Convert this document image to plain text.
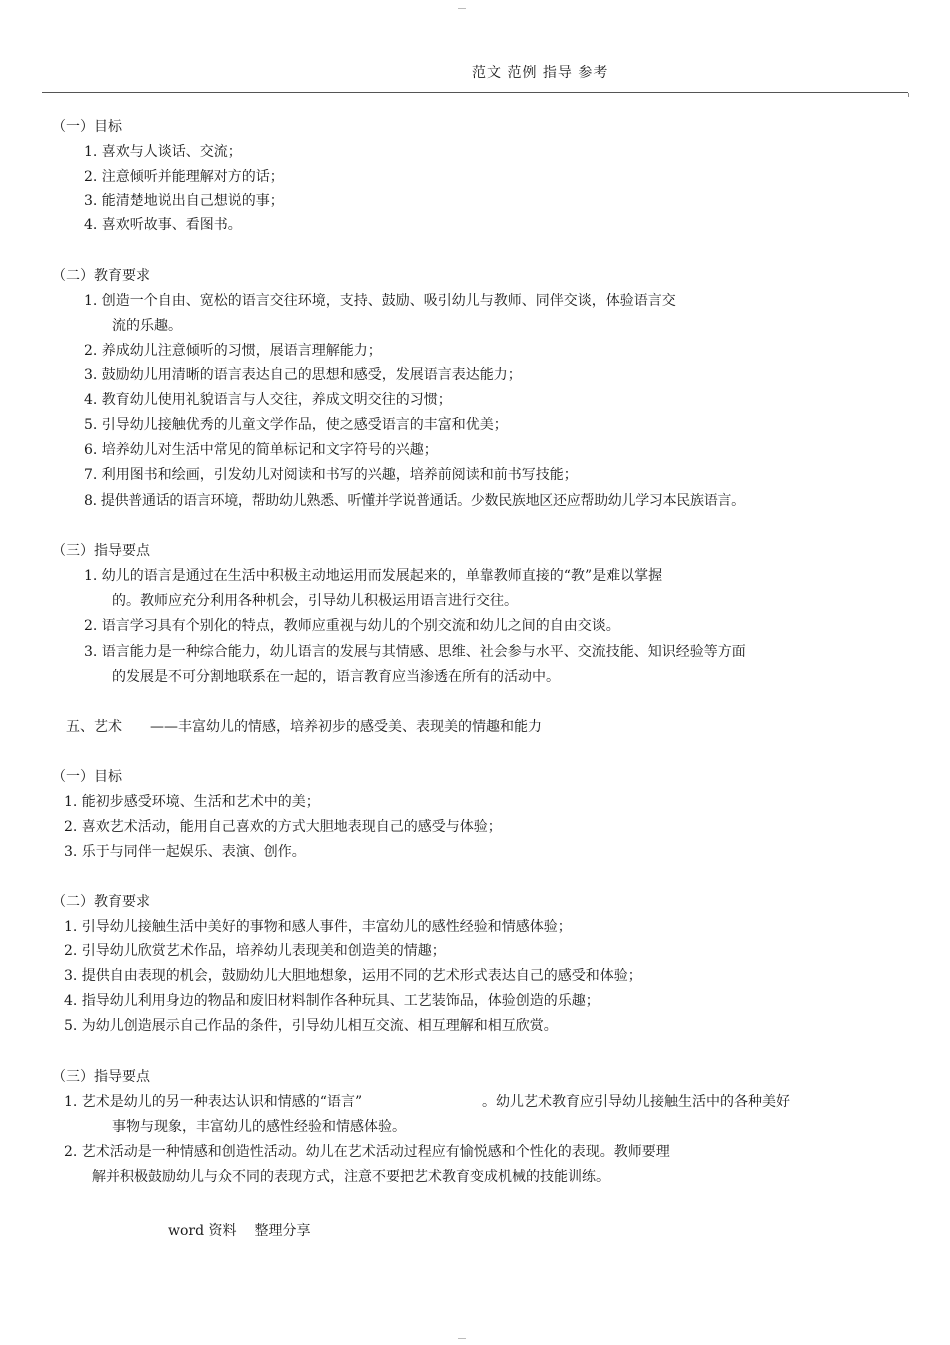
范文 范例 指导 参考
（一）目标
1. 喜欢与人谈话、交流；
2. 注意倾听并能理解对方的话；
3. 能清楚地说出自己想说的事；
4. 喜欢听故事、看图书。
（二）教育要求
1. 创造一个自由、宽松的语言交往环境，支持、鼓励、吸引幼儿与教师、同伴交谈，体验语言交
流的乐趣。
2. 养成幼儿注意倾听的习惯，展语言理解能力；
3. 鼓励幼儿用清晰的语言表达自己的思想和感受，发展语言表达能力；
4. 教育幼儿使用礼貌语言与人交往，养成文明交往的习惯；
5. 引导幼儿接触优秀的儿童文学作品，使之感受语言的丰富和优美；
6. 培养幼儿对生活中常见的简单标记和文字符号的兴趣；
7. 利用图书和绘画，引发幼儿对阅读和书写的兴趣，培养前阅读和前书写技能；
8. 提供普通话的语言环境，帮助幼儿熟悉、听懂并学说普通话。少数民族地区还应帮助幼儿学习本民族语言。
（三）指导要点
1. 幼儿的语言是通过在生活中积极主动地运用而发展起来的，单靠教师直接的“教”是难以掌握
的。教师应充分利用各种机会，引导幼儿积极运用语言进行交往。
2. 语言学习具有个别化的特点，教师应重视与幼儿的个别交流和幼儿之间的自由交谈。
3. 语言能力是一种综合能力，幼儿语言的发展与其情感、思维、社会参与水平、交流技能、知识经验等方面
的发展是不可分割地联系在一起的，语言教育应当渗透在所有的活动中。
五、艺术 ——丰富幼儿的情感，培养初步的感受美、表现美的情趣和能力
（一）目标
1. 能初步感受环境、生活和艺术中的美；
2. 喜欢艺术活动，能用自己喜欢的方式大胆地表现自己的感受与体验；
3. 乐于与同伴一起娱乐、表演、创作。
（二）教育要求
1. 引导幼儿接触生活中美好的事物和感人事件，丰富幼儿的感性经验和情感体验；
2. 引导幼儿欣赏艺术作品，培养幼儿表现美和创造美的情趣；
3. 提供自由表现的机会，鼓励幼儿大胆地想象，运用不同的艺术形式表达自己的感受和体验；
4. 指导幼儿利用身边的物品和废旧材料制作各种玩具、工艺装饰品，体验创造的乐趣；
5. 为幼儿创造展示自己作品的条件，引导幼儿相互交流、相互理解和相互欣赏。
（三）指导要点
1. 艺术是幼儿的另一种表达认识和情感的“语言”	。幼儿艺术教育应引导幼儿接触生活中的各种美好
事物与现象，丰富幼儿的感性经验和情感体验。
2. 艺术活动是一种情感和创造性活动。幼儿在艺术活动过程应有愉悦感和个性化的表现。教师要理
解并积极鼓励幼儿与众不同的表现方式，注意不要把艺术教育变成机械的技能训练。
word 资料 整理分享
